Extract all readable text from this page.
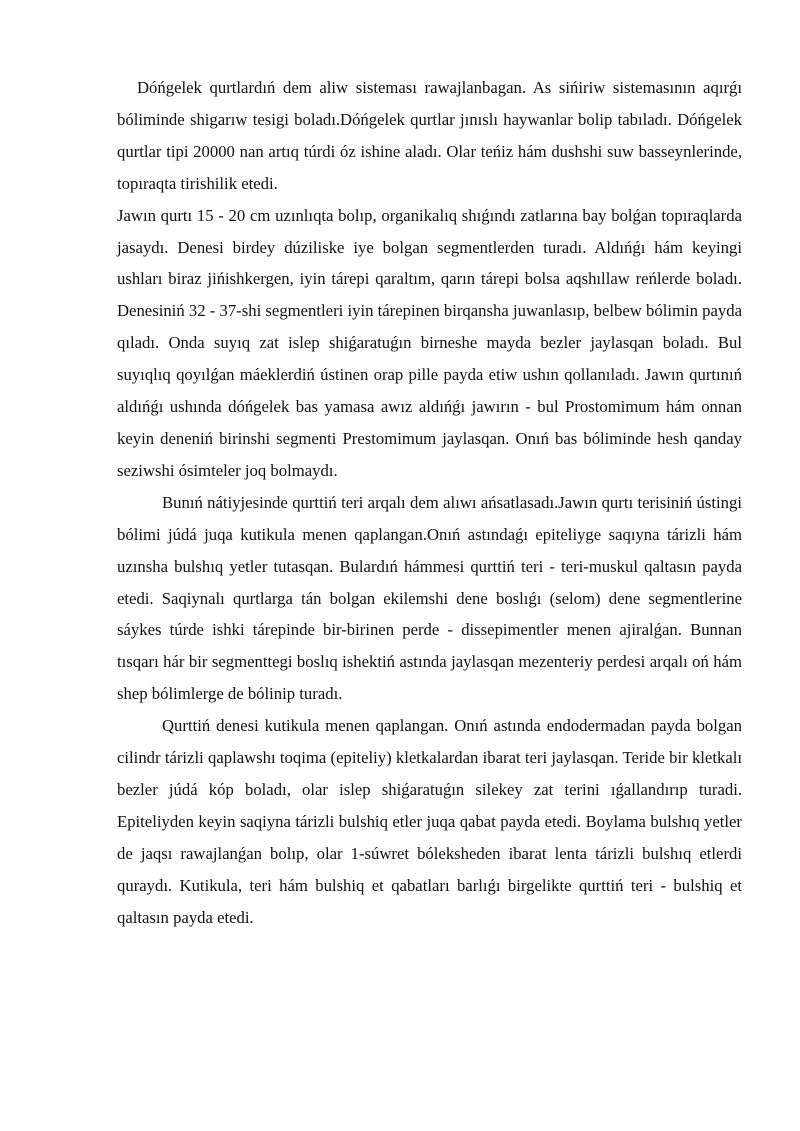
Dóńgelek qurtlardıń dem aliw sisteması rawajlanbagan. As sińiriw sistemasının aqırǵı bóliminde shigarıw tesigi boladı.Dóńgelek qurtlar jınıslı haywanlar bolip tabıladı. Dóńgelek qurtlar tipi 20000 nan artıq túrdi óz ishine aladı. Olar teńiz hám dushshi suw basseynlerinde, topıraqta tirishilik etedi.

Jawın qurtı 15 - 20 cm uzınlıqta bolıp, organikalıq shıǵındı zatlarına bay bolǵan topıraqlarda jasaydı. Denesi birdey dúziliske iye bolgan segmentlerden turadı. Aldıńǵı hám keyingi ushları biraz jińishkergen, iyin tárepi qaraltım, qarın tárepi bolsa aqshıllaw reńlerde boladı. Denesiniń 32 - 37-shi segmentleri iyin tárepinen birqansha juwanlasıp, belbew bólimin payda qıladı. Onda suyıq zat islep shiǵaratuǵın birneshe mayda bezler jaylasqan boladı. Bul suyıqlıq qoyılǵan máeklerdiń ústinen orap pille payda etiw ushın qollanıladı. Jawın qurtınıń aldıńǵı ushında dóńgelek bas yamasa awız aldıńǵı jawırın - bul Prostomimum hám onnan keyin deneniń birinshi segmenti Prestomimum jaylasqan. Onıń bas bóliminde hesh qanday seziwshi ósimteler joq bolmaydı.

Bunıń nátiyjesinde qurttiń teri arqalı dem alıwı ańsatlasadı.Jawın qurtı terisiniń ústingi bólimi júdá juqa kutikula menen qaplangan.Onıń astındaǵı epiteliyge saqıyna tárizli hám uzınsha bulshıq yetler tutasqan. Bulardıń hámmesi qurttiń teri - teri-muskul qaltasın payda etedi. Saqiynalı qurtlarga tán bolgan ekilemshi dene boslıǵı (selom) dene segmentlerine sáykes túrde ishki tárepinde bir-birinen perde - dissepimentler menen ajiralǵan. Bunnan tısqarı hár bir segmenttegi boslıq ishektiń astında jaylasqan mezenteriy perdesi arqalı oń hám shep bólimlerge de bólinip turadı.

Qurttiń denesi kutikula menen qaplangan. Onıń astında endodermadan payda bolgan cilindr tárizli qaplawshı toqima (epiteliy) kletkalardan ibarat teri jaylasqan. Teride bir kletkalı bezler júdá kóp boladı, olar islep shiǵaratuǵın silekey zat terini ıǵallandırıp turadi. Epiteliyden keyin saqiyna tárizli bulshiq etler juqa qabat payda etedi. Boylama bulshıq yetler de jaqsı rawajlanǵan bolıp, olar 1-súwret bóleksheden ibarat lenta tárizli bulshıq etlerdi quraydı. Kutikula, teri hám bulshiq et qabatları barlıǵı birgelikte qurttiń teri - bulshiq et qaltasın payda etedi.
